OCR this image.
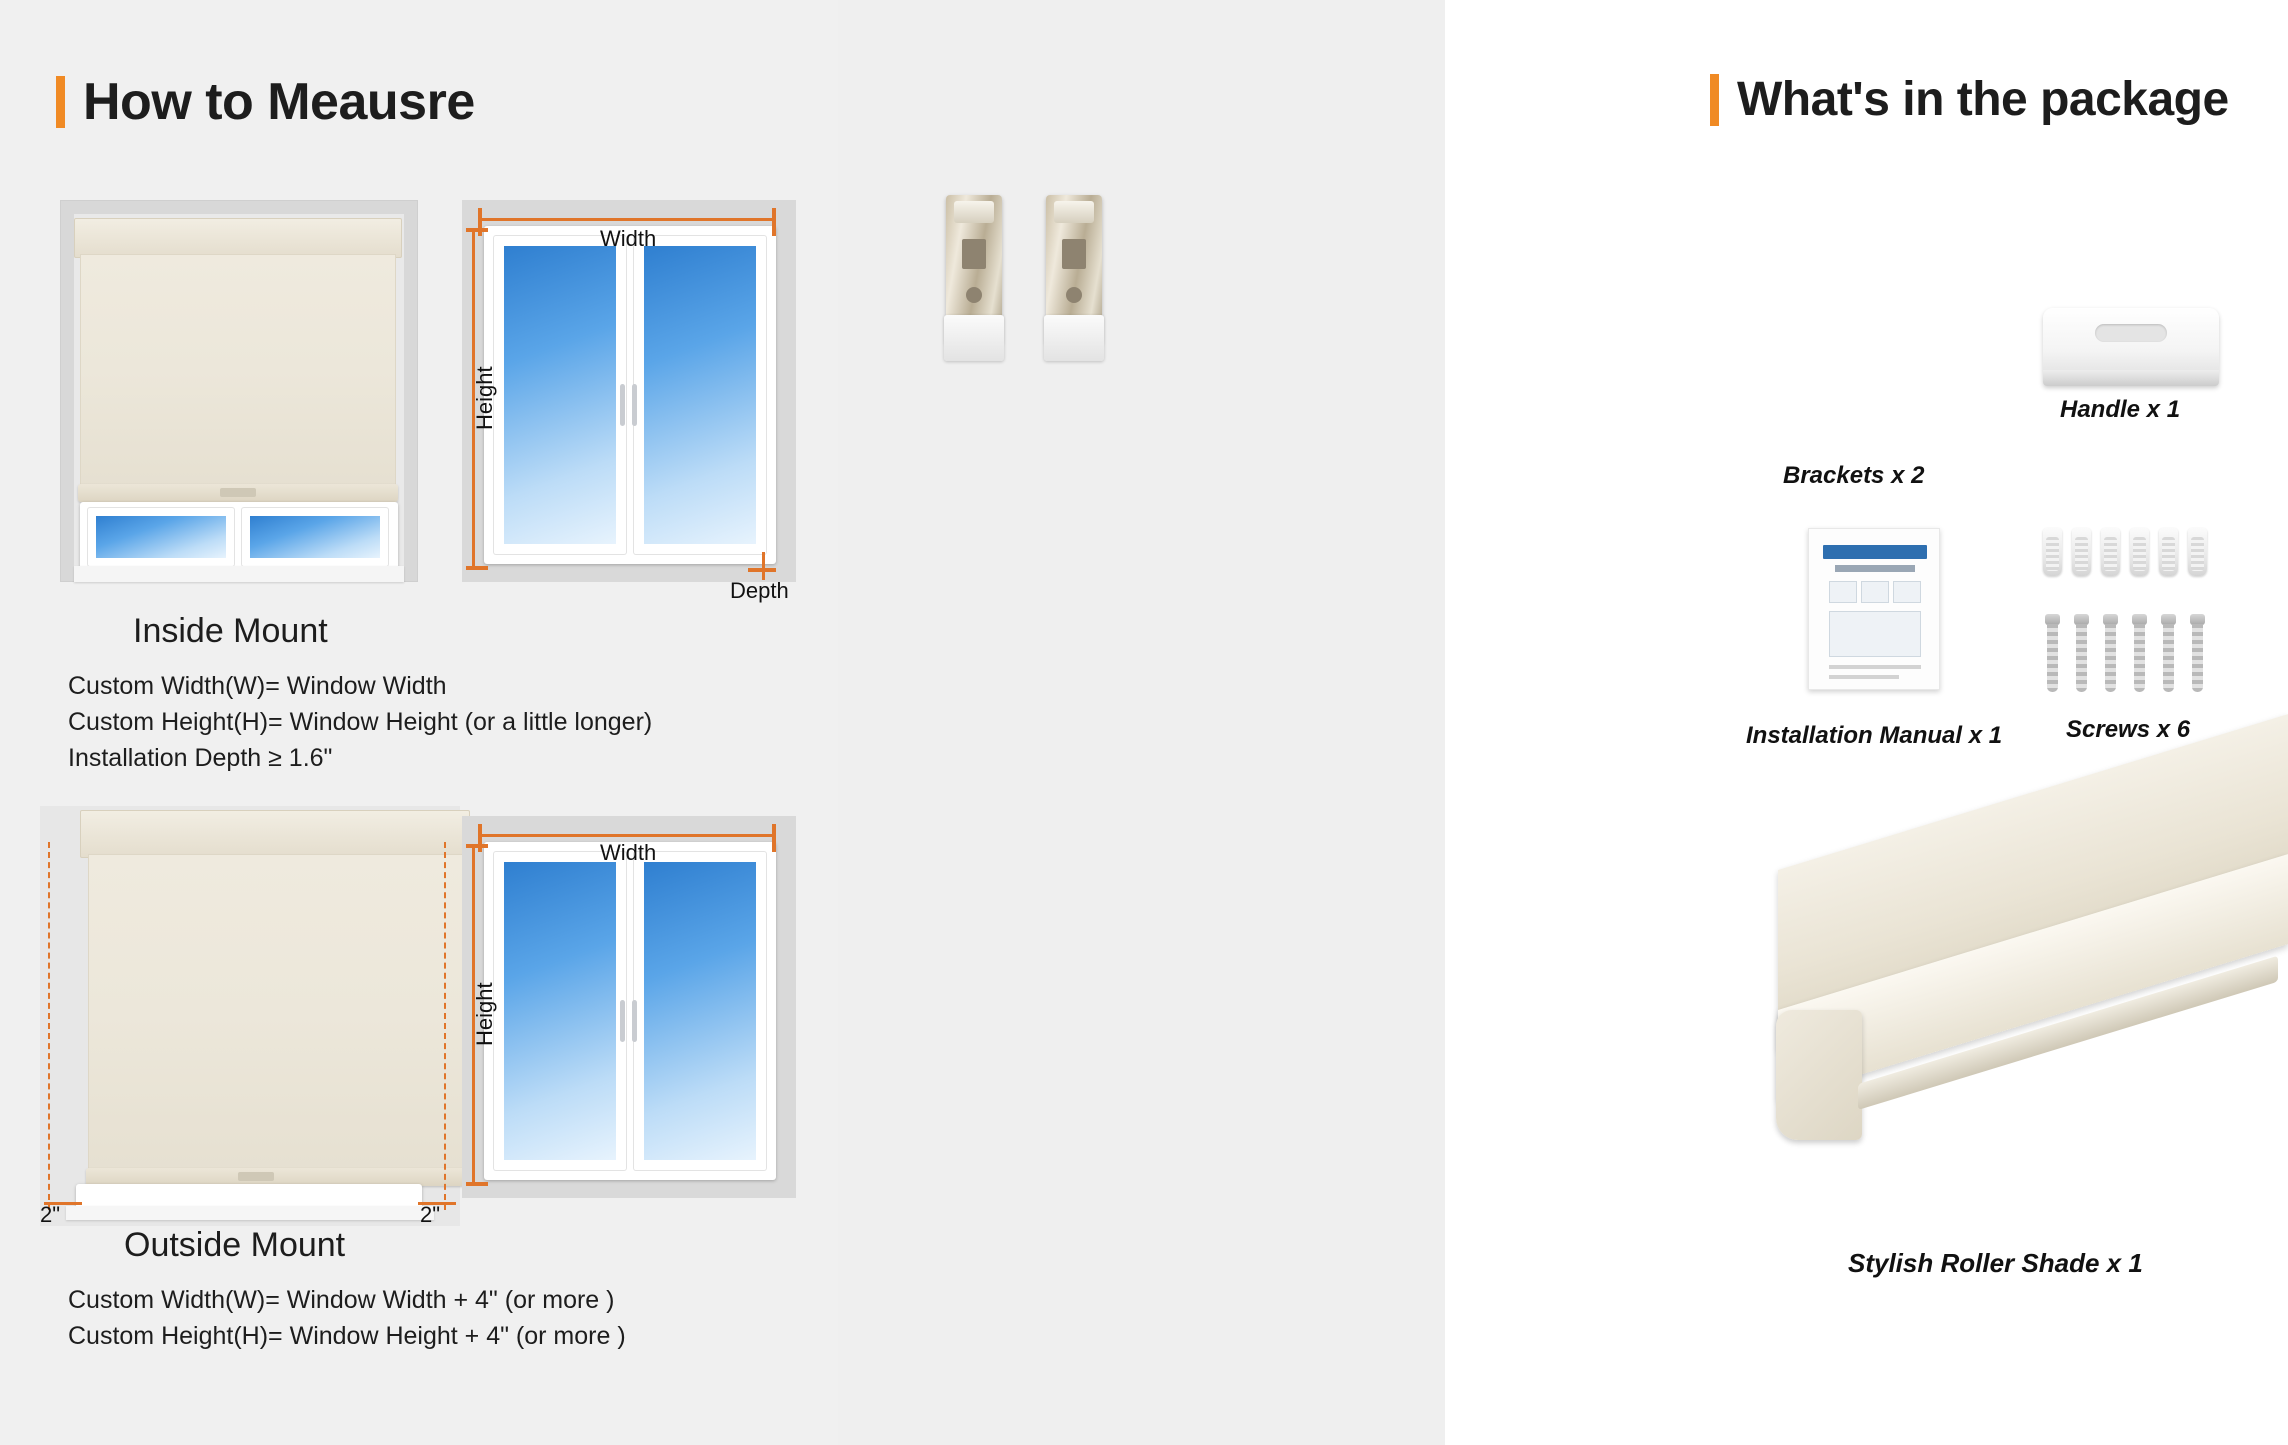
How to Meausre
Width
Height
Depth
Inside Mount
Custom Width(W)= Window Width
Custom Height(H)= Window Height (or a little longer)
Installation Depth ≥ 1.6"
2"	2"
Width
Height
Outside Mount
Custom Width(W)= Window Width + 4" (or more )
Custom Height(H)= Window Height + 4" (or more )
What's in the package
Brackets x 2
Handle x 1
Installation Manual x 1	Screws x 6
Stylish Roller Shade x 1
